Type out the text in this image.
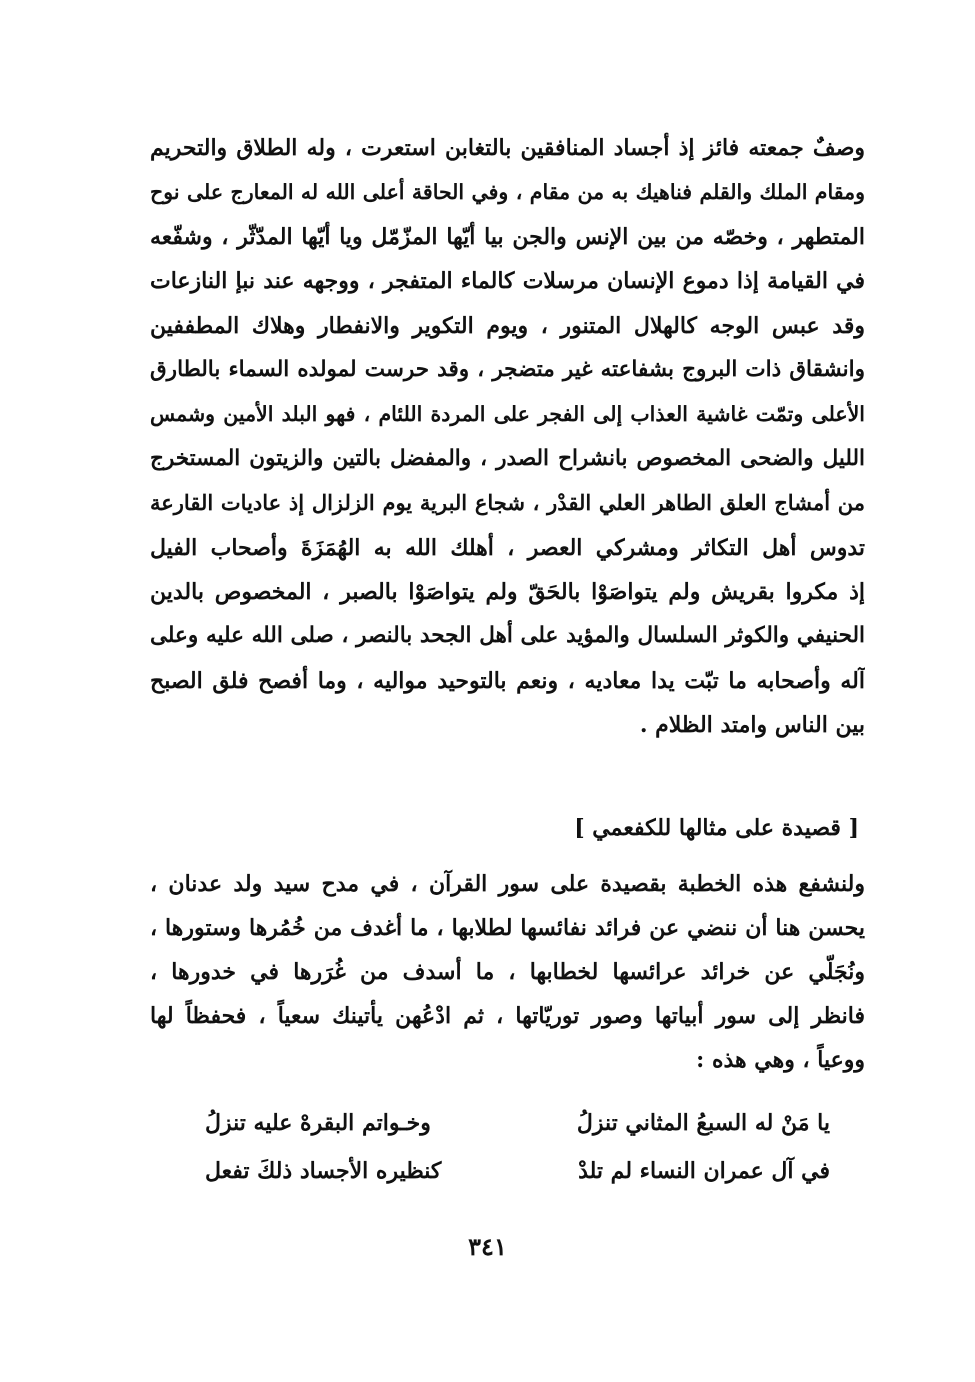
وصفٌ جمعته فائز إذ أجساد المنافقين بالتغابن استعرت ، وله الطلاق والتحريم
ومقام الملك والقلم فناهيك به من مقام ، وفي الحاقة أعلى الله له المعارج على نوح
المتطهر ، وخصّه من بين الإنس والجن بيا أيّها المزّمّل ويا أيّها المدّثّر ، وشفّعه
في القيامة إذا دموع الإنسان مرسلات كالماء المتفجر ، ووجهه عند نبإ النازعات
وقد عبس الوجه كالهلال المتنور ، ويوم التكوير والانفطار وهلاك المطففين
وانشقاق ذات البروج بشفاعته غير متضجر ، وقد حرست لمولده السماء بالطارق
الأعلى وتمّت غاشية العذاب إلى الفجر على المردة اللئام ، فهو البلد الأمين وشمس
الليل والضحى المخصوص بانشراح الصدر ، والمفضل بالتين والزيتون المستخرج
من أمشاج العلق الطاهر العلي القدْر ، شجاع البرية يوم الزلزال إذ عاديات القارعة
تدوس أهل التكاثر ومشركي العصر ، أهلك الله به الهُمَزَةَ وأصحاب الفيل
إذ مكروا بقريش ولم يتواصَوْا بالحَقّ ولم يتواصَوْا بالصبر ، المخصوص بالدين
الحنيفي والكوثر السلسال والمؤيد على أهل الجحد بالنصر ، صلى الله عليه وعلى
آله وأصحابه ما تبّت يدا معاديه ، ونعم بالتوحيد مواليه ، وما أفصح فلق الصبح
بين الناس وامتد الظلام .
[ قصيدة على مثالها للكفعمي ]
ولنشفع هذه الخطبة بقصيدة على سور القرآن ، في مدح سيد ولد عدنان ،
يحسن هنا أن ننضي عن فرائد نفائسها لطلابها ، ما أغدف من خُمُرها وستورها ،
ونُجَلّي عن خرائد عرائسها لخطابها ، ما أسدف من غُرَرها في خدورها ،
فانظر إلى سور أبياتها وصور توريّاتها ، ثم ادْعُهن يأتينك سعياً ، فحفظاً لها
ووعياً ، وهي هذه :
يا مَنْ له السبعُ المثاني تنزلُ
وخـواتم البقرهْ عليه تنزلُ
في آل عمران النساء لم تلدْ
كنظيره الأجساد ذلكَ تفعل
٣٤١
